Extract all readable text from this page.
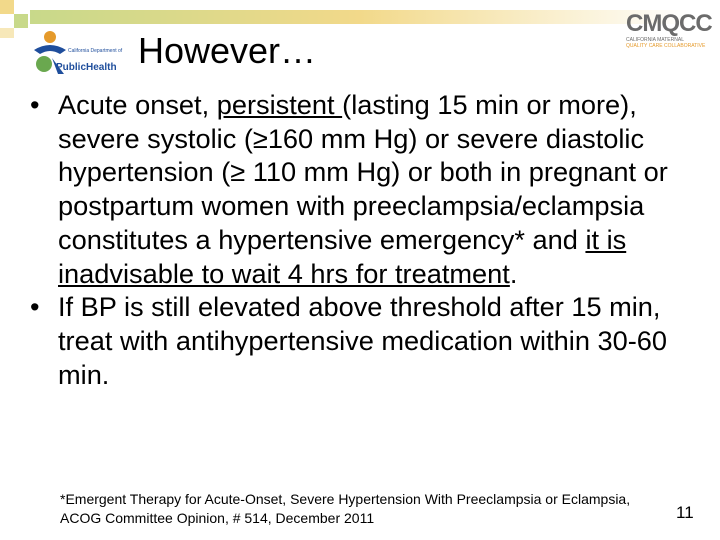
California Department of
PublicHealth
CMQCC
CALIFORNIA MATERNAL
QUALITY CARE COLLABORATIVE
However…
• Acute onset, persistent (lasting 15 min or more), severe systolic (≥160 mm Hg) or severe diastolic hypertension (≥ 110 mm Hg) or both in pregnant or postpartum women with preeclampsia/eclampsia constitutes a hypertensive emergency* and it is inadvisable to wait 4 hrs for treatment.
• If BP is still elevated above threshold after 15 min, treat with antihypertensive medication within 30-60 min.
*Emergent Therapy for Acute-Onset, Severe Hypertension With Preeclampsia or Eclampsia, ACOG Committee Opinion, # 514, December 2011	11
